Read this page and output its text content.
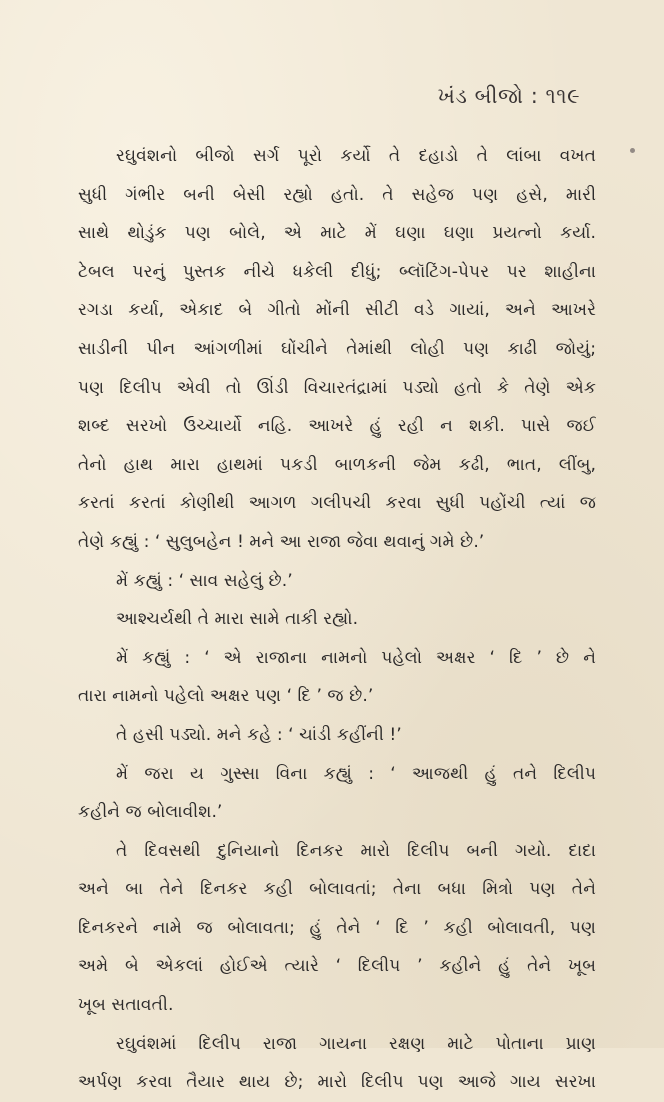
ખંડ બીજો : ૧૧૯
રઘુવંશનો બીજો સર્ગ પૂરો કર્યો તે દહાડો તે લાંબા વખત
સુધી ગંભીર બની બેસી રહ્યો હતો. તે સહેજ પણ હસે, મારી
સાથે થોડુંક પણ બોલે, એ માટે મેં ઘણા ઘણા પ્રયત્નો કર્યા.
ટેબલ પરનું પુસ્તક નીચે ધકેલી દીધું; બ્લૉટિંગ-પેપર પર શાહીના
રગડા કર્યા, એકાદ બે ગીતો મોંની સીટી વડે ગાયાં, અને આખરે
સાડીની પીન આંગળીમાં ઘોંચીને તેમાંથી લોહી પણ કાઢી જોયું;
પણ દિલીપ એવી તો ઊંડી વિચારતંદ્રામાં પડ્યો હતો કે તેણે એક
શબ્દ સરખો ઉચ્ચાર્યો નહિ. આખરે હું રહી ન શકી. પાસે જઈ
તેનો હાથ મારા હાથમાં પકડી બાળકની જેમ કઢી, ભાત, લીંબુ,
કરતાં કરતાં કોણીથી આગળ ગલીપચી કરવા સુધી પહોંચી ત્યાં જ
તેણે કહ્યું : ‘ સુલુબહેન ! મને આ રાજા જેવા થવાનું ગમે છે.’
મેં કહ્યું : ‘ સાવ સહેલું છે.’
આશ્ચર્યથી તે મારા સામે તાકી રહ્યો.
મેં કહ્યું : ‘ એ રાજાના નામનો પહેલો અક્ષર ‘ દિ ’ છે ને
તારા નામનો પહેલો અક્ષર પણ ‘ દિ ’ જ છે.’
તે હસી પડ્યો. મને કહે : ‘ ચાંડી કહીંની !’
મેં જરા ય ગુસ્સા વિના કહ્યું : ‘ આજથી હું તને દિલીપ
કહીને જ બોલાવીશ.’
તે દિવસથી દુનિયાનો દિનકર મારો દિલીપ બની ગયો. દાદા
અને બા તેને દિનકર કહી બોલાવતાં; તેના બધા મિત્રો પણ તેને
દિનકરને નામે જ બોલાવતા; હું તેને ‘ દિ ’ કહી બોલાવતી, પણ
અમે બે એકલાં હોઈએ ત્યારે ‘ દિલીપ ’ કહીને હું તેને ખૂબ
ખૂબ સતાવતી.
રઘુવંશમાં દિલીપ રાજા ગાયના રક્ષણ માટે પોતાના પ્રાણ
અર્પણ કરવા તૈયાર થાય છે; મારો દિલીપ પણ આજે ગાય સરખા
